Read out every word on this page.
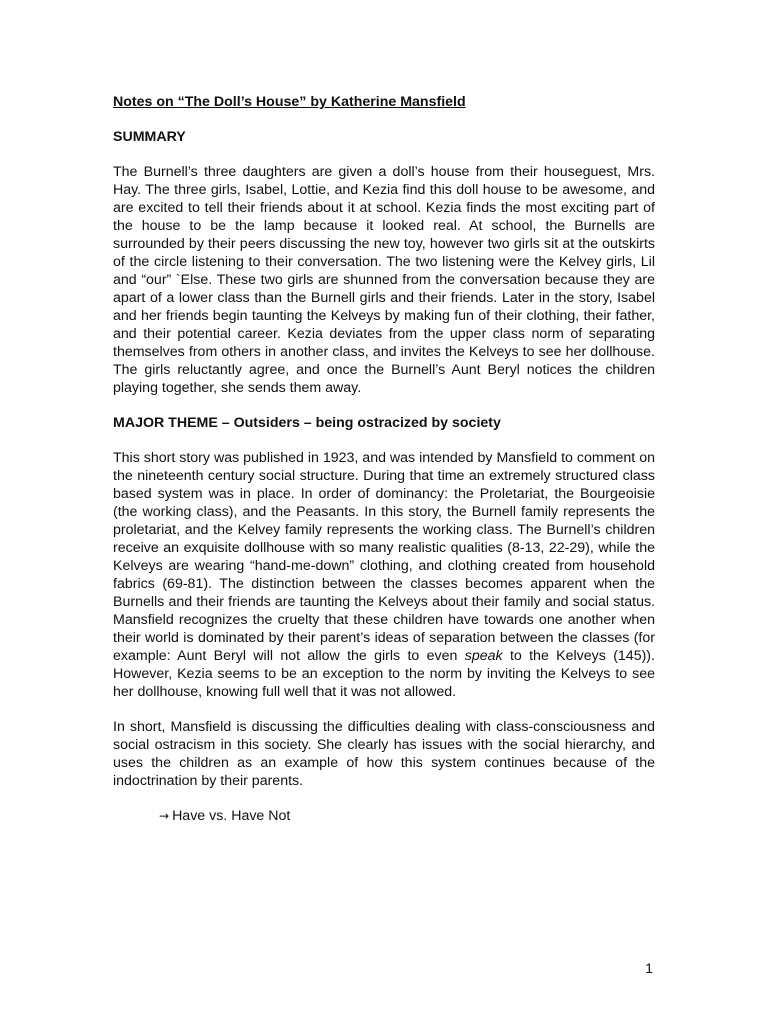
Notes on “The Doll’s House” by Katherine Mansfield
SUMMARY

The Burnell’s three daughters are given a doll’s house from their houseguest, Mrs. Hay. The three girls, Isabel, Lottie, and Kezia find this doll house to be awesome, and are excited to tell their friends about it at school. Kezia finds the most exciting part of the house to be the lamp because it looked real. At school, the Burnells are surrounded by their peers discussing the new toy, however two girls sit at the outskirts of the circle listening to their conversation. The two listening were the Kelvey girls, Lil and “our” `Else. These two girls are shunned from the conversation because they are apart of a lower class than the Burnell girls and their friends. Later in the story, Isabel and her friends begin taunting the Kelveys by making fun of their clothing, their father, and their potential career. Kezia deviates from the upper class norm of separating themselves from others in another class, and invites the Kelveys to see her dollhouse. The girls reluctantly agree, and once the Burnell’s Aunt Beryl notices the children playing together, she sends them away.

MAJOR THEME – Outsiders – being ostracized by society

This short story was published in 1923, and was intended by Mansfield to comment on the nineteenth century social structure. During that time an extremely structured class based system was in place. In order of dominancy: the Proletariat, the Bourgeoisie (the working class), and the Peasants. In this story, the Burnell family represents the proletariat, and the Kelvey family represents the working class. The Burnell’s children receive an exquisite dollhouse with so many realistic qualities (8-13, 22-29), while the Kelveys are wearing “hand-me-down” clothing, and clothing created from household fabrics (69-81). The distinction between the classes becomes apparent when the Burnells and their friends are taunting the Kelveys about their family and social status. Mansfield recognizes the cruelty that these children have towards one another when their world is dominated by their parent’s ideas of separation between the classes (for example: Aunt Beryl will not allow the girls to even speak to the Kelveys (145)). However, Kezia seems to be an exception to the norm by inviting the Kelveys to see her dollhouse, knowing full well that it was not allowed.

In short, Mansfield is discussing the difficulties dealing with class-consciousness and social ostracism in this society. She clearly has issues with the social hierarchy, and uses the children as an example of how this system continues because of the indoctrination by their parents.

→ Have vs. Have Not
1
